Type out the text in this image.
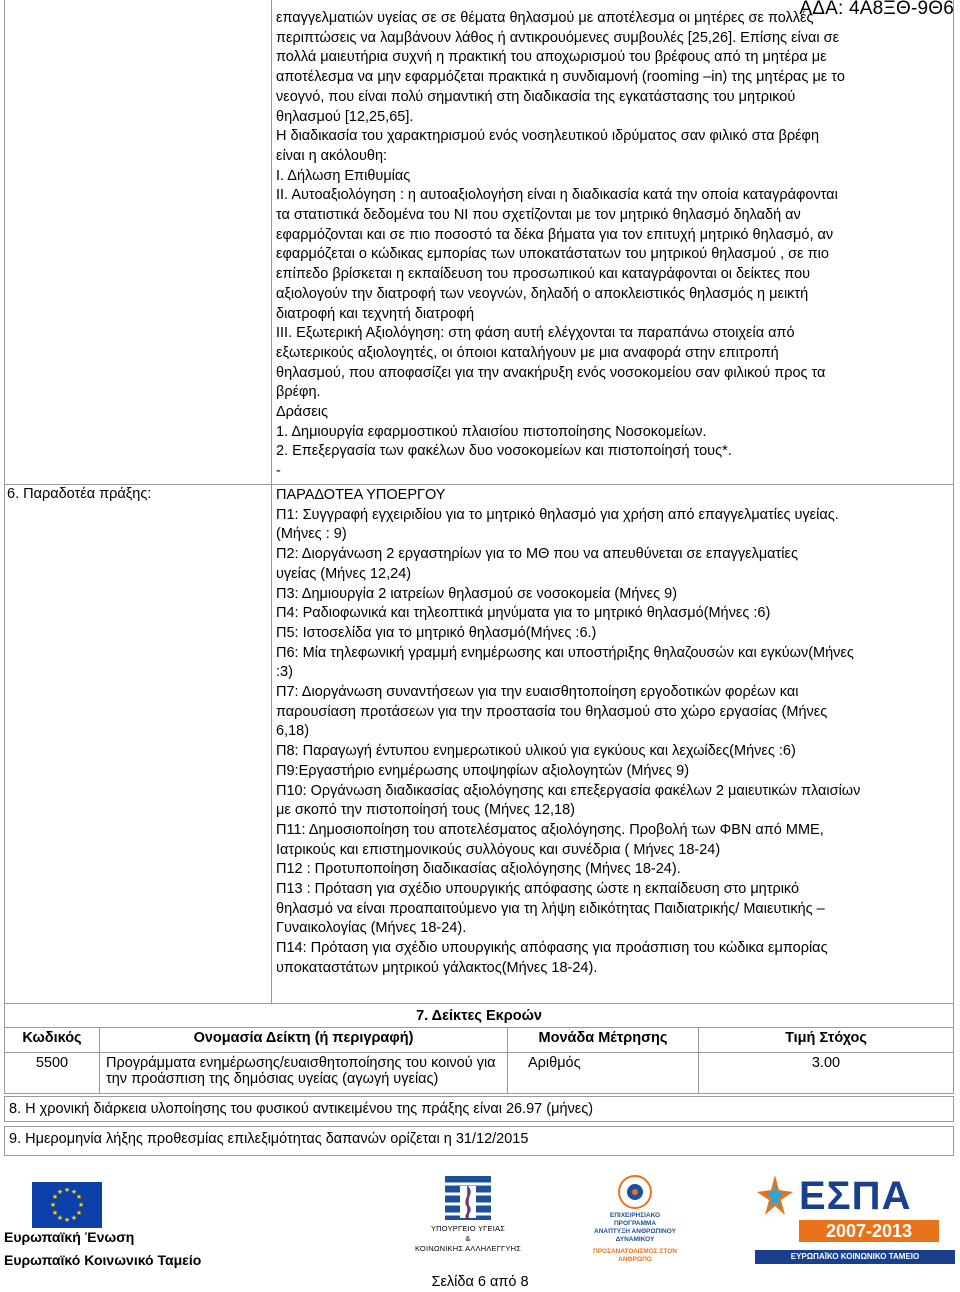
ΑΔΑ: 4Α8ΞΘ-9Θ6

επαγγελματιών υγείας σε σε θέματα θηλασμού με αποτέλεσμα οι μητέρες σε πολλές

περιπτώσεις να λαμβάνουν λάθος ή αντικρουόμενες συμβουλές [25,26]. Επίσης είναι σε

πολλά μαιευτήρια συχνή η πρακτική του αποχωρισμού του βρέφους από τη μητέρα με

αποτέλεσμα να μην εφαρμόζεται πρακτικά η συνδιαμονή (rooming –in) της μητέρας με το

νεογνό, που είναι πολύ σημαντική στη διαδικασία της εγκατάστασης του μητρικού

θηλασμού [12,25,65].

Η διαδικασία του χαρακτηρισμού ενός νοσηλευτικού ιδρύματος σαν φιλικό στα βρέφη

είναι η ακόλουθη:

Ι. Δήλωση Επιθυμίας

ΙΙ. Αυτοαξιολόγηση : η αυτοαξιολογήση είναι η διαδικασία κατά την οποία καταγράφονται

τα στατιστικά δεδομένα του ΝΙ που σχετίζονται με τον μητρικό θηλασμό δηλαδή αν

εφαρμόζονται και σε πιο ποσοστό τα δέκα βήματα για τον επιτυχή μητρικό θηλασμό, αν

εφαρμόζεται ο κώδικας εμπορίας των υποκατάστατων του μητρικού θηλασμού , σε πιο

επίπεδο βρίσκεται η εκπαίδευση του προσωπικού και καταγράφονται οι δείκτες που

αξιολογούν την διατροφή των νεογνών, δηλαδή ο αποκλειστικός θηλασμός η μεικτή

διατροφή και τεχνητή διατροφή

ΙΙΙ. Εξωτερική Αξιολόγηση: στη φάση αυτή ελέγχονται τα παραπάνω στοιχεία από

εξωτερικούς αξιολογητές, οι όποιοι καταλήγουν με μια αναφορά στην επιτροπή

θηλασμού, που αποφασίζει για την ανακήρυξη ενός νοσοκομείου σαν φιλικού προς τα

βρέφη.

Δράσεις

1. Δημιουργία εφαρμοστικού πλαισίου πιστοποίησης Νοσοκομείων.

2. Επεξεργασία των φακέλων δυο νοσοκομείων και πιστοποίησή τους*.

-

6. Παραδοτέα πράξης:	ΠΑΡΑΔΟΤΕΑ ΥΠΟΕΡΓΟΥ

Π1: Συγγραφή εγχειριδίου για το μητρικό θηλασμό για χρήση από επαγγελματίες υγείας.

(Μήνες : 9)

Π2: Διοργάνωση 2 εργαστηρίων για το ΜΘ που να απευθύνεται σε επαγγελματίες

υγείας (Μήνες 12,24)

Π3: Δημιουργία 2 ιατρείων θηλασμού σε νοσοκομεία (Μήνες 9)

Π4: Ραδιοφωνικά και τηλεοπτικά μηνύματα για το μητρικό θηλασμό(Μήνες :6)

Π5: Ιστοσελίδα για το μητρικό θηλασμό(Μήνες :6.)

Π6: Μία τηλεφωνική γραμμή ενημέρωσης και υποστήριξης θηλαζουσών και εγκύων(Μήνες

:3)

Π7: Διοργάνωση συναντήσεων για την ευαισθητοποίηση εργοδοτικών φορέων και

παρουσίαση προτάσεων για την προστασία του θηλασμού στο χώρο εργασίας (Μήνες

6,18)

Π8: Παραγωγή έντυπου ενημερωτικού υλικού για εγκύους και λεχωίδες(Μήνες :6)

Π9:Εργαστήριο ενημέρωσης υποψηφίων αξιολογητών (Μήνες 9)

Π10: Οργάνωση διαδικασίας αξιολόγησης και επεξεργασία φακέλων 2 μαιευτικών πλαισίων

με σκοπό την πιστοποίησή τους (Μήνες 12,18)

Π11: Δημοσιοποίηση του αποτελέσματος αξιολόγησης. Προβολή των ΦΒΝ από ΜΜΕ,

Ιατρικούς και επιστημονικούς συλλόγους και συνέδρια ( Μήνες 18-24)

Π12 : Προτυποποίηση διαδικασίας αξιολόγησης (Μήνες 18-24).

Π13 : Πρόταση για σχέδιο υπουργικής απόφασης ώστε η εκπαίδευση στο μητρικό

θηλασμό να είναι προαπαιτούμενο για τη λήψη ειδικότητας Παιδιατρικής/ Μαιευτικής –

Γυναικολογίας (Μήνες 18-24).

Π14: Πρόταση για σχέδιο υπουργικής απόφασης για προάσπιση του κώδικα εμπορίας

υποκαταστάτων μητρικού γάλακτος(Μήνες 18-24).

7. Δείκτες Εκροών
Κωδικός	Ονομασία Δείκτη (ή περιγραφή)	Μονάδα Μέτρησης	Τιμή Στόχος
5500	Προγράμματα ενημέρωσης/ευαισθητοποίησης του κοινού για την προάσπιση της δημόσιας υγείας (αγωγή υγείας)	Αριθμός	3.00
8. Η χρονική διάρκεια υλοποίησης του φυσικού αντικειμένου της πράξης είναι 26.97 (μήνες)
9. Ημερομηνία λήξης προθεσμίας επιλεξιμότητας δαπανών ορίζεται η 31/12/2015
★ ★
★
★
★
★
★
★
★
★
★
★
Ευρωπαϊκή Ένωση
Ευρωπαϊκό Κοινωνικό Ταμείο
ΥΠΟΥΡΓΕΙΟ ΥΓΕΙΑΣ
&
ΚΟΙΝΩΝΙΚΗΣ ΑΛΛΗΛΕΓΓΥΗΣ
ΕΠΙΧΕΙΡΗΣΙΑΚΟ ΠΡΟΓΡΑΜΜΑ
ΑΝΑΠΤΥΞΗ ΑΝΘΡΩΠΙΝΟΥ ΔΥΝΑΜΙΚΟΥ
ΠΡΟΣΑΝΑΤΟΛΙΣΜΟΣ ΣΤΟΝ ΑΝΘΡΩΠΟ
ΕΣΠΑ
2007-2013
ΕΥΡΩΠΑΪΚΟ ΚΟΙΝΩΝΙΚΟ ΤΑΜΕΙΟ
Σελίδα 6 από 8
